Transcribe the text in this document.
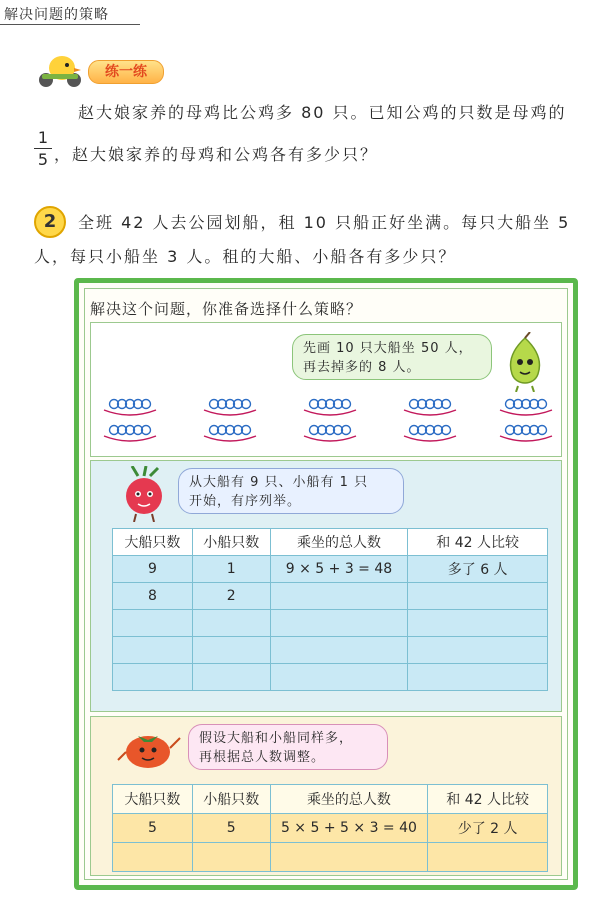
解决问题的策略
练一练
赵大娘家养的母鸡比公鸡多 80 只。已知公鸡的只数是母鸡的
1
5 ，赵大娘家养的母鸡和公鸡各有多少只？
2	全班 42 人去公园划船，租 10 只船正好坐满。每只大船坐 5
人，每只小船坐 3 人。租的大船、小船各有多少只？
解决这个问题，你准备选择什么策略？
先画 10 只大船坐 50 人，
再去掉多的 8 人。
从大船有 9 只、小船有 1 只
开始，有序列举。
大船只数	小船只数	乘坐的总人数	和 42 人比较
9	1	9 × 5 + 3 = 48	多了 6 人
8	2		

假设大船和小船同样多，
再根据总人数调整。
大船只数	小船只数	乘坐的总人数	和 42 人比较
5	5	5 × 5 + 5 × 3 = 40	少了 2 人
